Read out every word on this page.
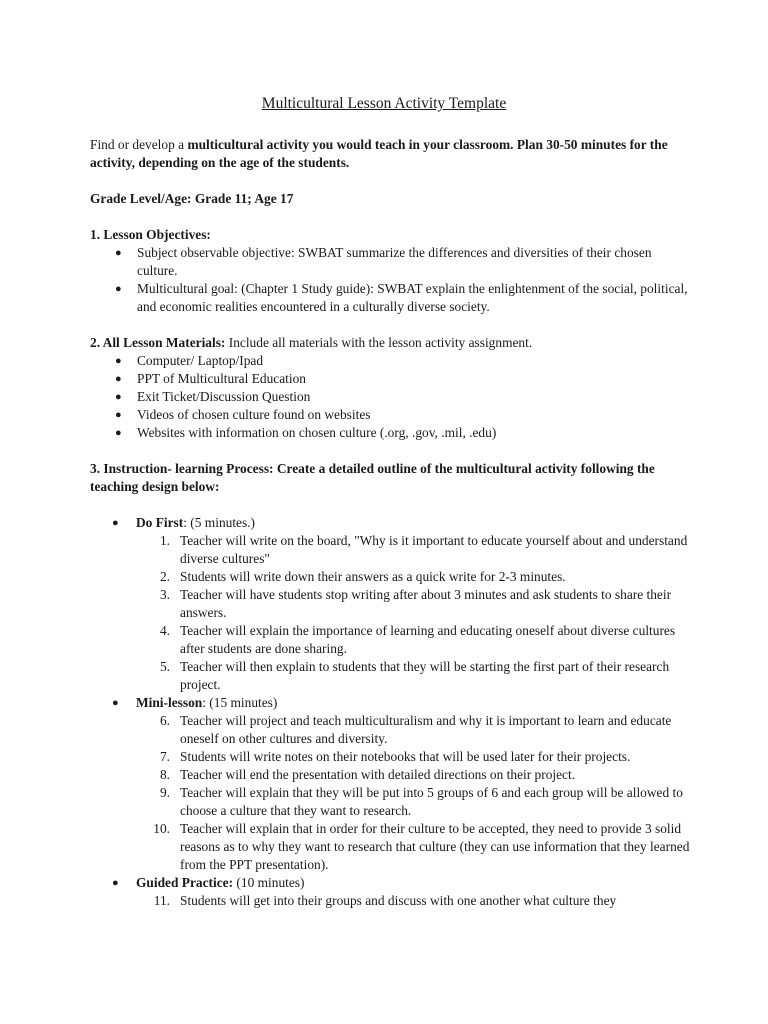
Multicultural Lesson Activity Template

Find or develop a multicultural activity you would teach in your classroom. Plan 30-50 minutes for the activity, depending on the age of the students.

Grade Level/Age: Grade 11; Age 17

1. Lesson Objectives:

● Subject observable objective: SWBAT summarize the differences and diversities of their chosen culture.
● Multicultural goal: (Chapter 1 Study guide): SWBAT explain the enlightenment of the social, political, and economic realities encountered in a culturally diverse society.

2. All Lesson Materials: Include all materials with the lesson activity assignment.

● Computer/ Laptop/Ipad
● PPT of Multicultural Education
● Exit Ticket/Discussion Question
● Videos of chosen culture found on websites
● Websites with information on chosen culture (.org, .gov, .mil, .edu)

3. Instruction- learning Process: Create a detailed outline of the multicultural activity following the teaching design below:

● Do First: (5 minutes.)
1. Teacher will write on the board, "Why is it important to educate yourself about and understand diverse cultures"
2. Students will write down their answers as a quick write for 2-3 minutes.
3. Teacher will have students stop writing after about 3 minutes and ask students to share their answers.
4. Teacher will explain the importance of learning and educating oneself about diverse cultures after students are done sharing.
5. Teacher will then explain to students that they will be starting the first part of their research project.
● Mini-lesson: (15 minutes)
6. Teacher will project and teach multiculturalism and why it is important to learn and educate oneself on other cultures and diversity.
7. Students will write notes on their notebooks that will be used later for their projects.
8. Teacher will end the presentation with detailed directions on their project.
9. Teacher will explain that they will be put into 5 groups of 6 and each group will be allowed to choose a culture that they want to research.
10. Teacher will explain that in order for their culture to be accepted, they need to provide 3 solid reasons as to why they want to research that culture (they can use information that they learned from the PPT presentation).
● Guided Practice: (10 minutes)
11. Students will get into their groups and discuss with one another what culture they
